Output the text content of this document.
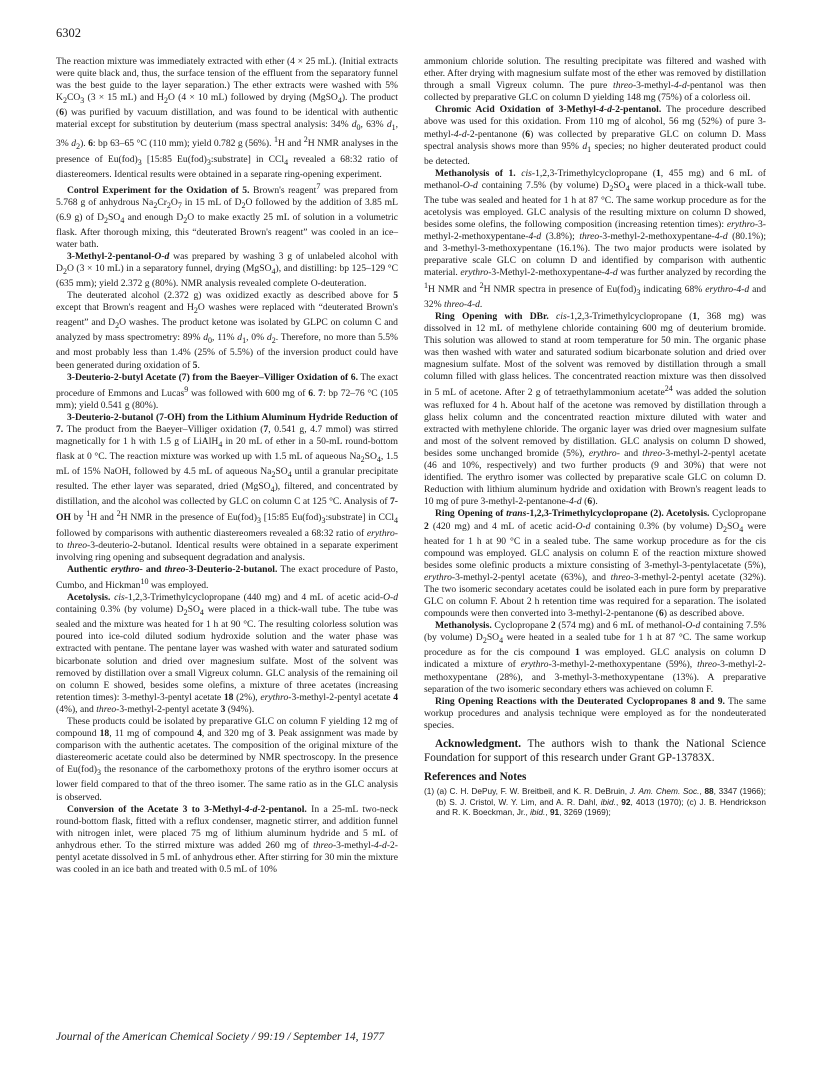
6302

The reaction mixture was immediately extracted with ether (4 × 25 mL). (Initial extracts were quite black and, thus, the surface tension of the effluent from the separatory funnel was the best guide to the layer separation.) The ether extracts were washed with 5% $K_2CO_3$ (3 × 15 mL) and $H_2O$ (4 × 10 mL) followed by drying (MgSO$_4$). The product (6) was purified by vacuum distillation, and was found to be identical with authentic material except for substitution by deuterium (mass spectral analysis: 34% $d_0$, 63% $d_1$, 3% $d_2$). 6: bp 63–65 °C (110 mm); yield 0.782 g (56%). $^1$H and $^2$H NMR analyses in the presence of $Eu(fod)_3$ [15:85 $Eu(fod)_3:substrate$] in CCl$_4$ revealed a 68:32 ratio of diastereomers. Identical results were obtained in a separate ring-opening experiment.

Control Experiment for the Oxidation of 5. Brown's reagent$^7$ was prepared from 5.768 g of anhydrous $Na_2Cr_2O_7$ in 15 mL of $D_2O$ followed by the addition of 3.85 mL (6.9 g) of $D_2SO_4$ and enough $D_2O$ to make exactly 25 mL of solution in a volumetric flask. After thorough mixing, this “deuterated Brown's reagent” was cooled in an ice–water bath.

3-Methyl-2-pentanol-O-d was prepared by washing 3 g of unlabeled alcohol with $D_2O$ (3 × 10 mL) in a separatory funnel, drying (MgSO$_4$), and distilling: bp 125–129 °C (635 mm); yield 2.372 g (80%). NMR analysis revealed complete O-deuteration.

The deuterated alcohol (2.372 g) was oxidized exactly as described above for 5 except that Brown's reagent and $H_2O$ washes were replaced with “deuterated Brown's reagent” and $D_2O$ washes. The product ketone was isolated by GLPC on column C and analyzed by mass spectrometry: 89% $d_0$, 11% $d_1$, 0% $d_2$. Therefore, no more than 5.5% and most probably less than 1.4% (25% of 5.5%) of the inversion product could have been generated during oxidation of 5.

3-Deuterio-2-butyl Acetate (7) from the Baeyer–Villiger Oxidation of 6. The exact procedure of Emmons and Lucas$^9$ was followed with 600 mg of 6. 7: bp 72–76 °C (105 mm); yield 0.541 g (80%).

3-Deuterio-2-butanol (7-OH) from the Lithium Aluminum Hydride Reduction of 7. The product from the Baeyer–Villiger oxidation (7, 0.541 g, 4.7 mmol) was stirred magnetically for 1 h with 1.5 g of LiAlH$_4$ in 20 mL of ether in a 50-mL round-bottom flask at 0 °C. The reaction mixture was worked up with 1.5 mL of aqueous $Na_2SO_4$, 1.5 mL of 15% NaOH, followed by 4.5 mL of aqueous $Na_2SO_4$ until a granular precipitate resulted. The ether layer was separated, dried (MgSO$_4$), filtered, and concentrated by distillation, and the alcohol was collected by GLC on column C at 125 °C. Analysis of 7-OH by $^1$H and $^2$H NMR in the presence of $Eu(fod)_3$ [15:85 $Eu(fod)_3:substrate$] in CCl$_4$ followed by comparisons with authentic diastereomers revealed a 68:32 ratio of erythro- to threo-3-deuterio-2-butanol. Identical results were obtained in a separate experiment involving ring opening and subsequent degradation and analysis.

Authentic erythro- and threo-3-Deuterio-2-butanol. The exact procedure of Pasto, Cumbo, and Hickman$^{10}$ was employed.

Acetolysis. cis-1,2,3-Trimethylcyclopropane (440 mg) and 4 mL of acetic acid-O-d containing 0.3% (by volume) $D_2SO_4$ were placed in a thick-wall tube. The tube was sealed and the mixture was heated for 1 h at 90 °C. The resulting colorless solution was poured into ice-cold diluted sodium hydroxide solution and the water phase was extracted with pentane. The pentane layer was washed with water and saturated sodium bicarbonate solution and dried over magnesium sulfate. Most of the solvent was removed by distillation over a small Vigreux column. GLC analysis of the remaining oil on column E showed, besides some olefins, a mixture of three acetates (increasing retention times): 3-methyl-3-pentyl acetate 18 (2%), erythro-3-methyl-2-pentyl acetate 4 (4%), and threo-3-methyl-2-pentyl acetate 3 (94%).

These products could be isolated by preparative GLC on column F yielding 12 mg of compound 18, 11 mg of compound 4, and 320 mg of 3. Peak assignment was made by comparison with the authentic acetates. The composition of the original mixture of the diastereomeric acetate could also be determined by NMR spectroscopy. In the presence of $Eu(fod)_3$ the resonance of the carbomethoxy protons of the erythro isomer occurs at lower field compared to that of the threo isomer. The same ratio as in the GLC analysis is observed.

Conversion of the Acetate 3 to 3-Methyl-4-d-2-pentanol. In a 25-mL two-neck round-bottom flask, fitted with a reflux condenser, magnetic stirrer, and addition funnel with nitrogen inlet, were placed 75 mg of lithium aluminum hydride and 5 mL of anhydrous ether. To the stirred mixture was added 260 mg of threo-3-methyl-4-d-2-pentyl acetate dissolved in 5 mL of anhydrous ether. After stirring for 30 min the mixture was cooled in an ice bath and treated with 0.5 mL of 10%

ammonium chloride solution. The resulting precipitate was filtered and washed with ether. After drying with magnesium sulfate most of the ether was removed by distillation through a small Vigreux column. The pure threo-3-methyl-4-d-pentanol was then collected by preparative GLC on column D yielding 148 mg (75%) of a colorless oil.

Chromic Acid Oxidation of 3-Methyl-4-d-2-pentanol. The procedure described above was used for this oxidation. From 110 mg of alcohol, 56 mg (52%) of pure 3-methyl-4-d-2-pentanone (6) was collected by preparative GLC on column D. Mass spectral analysis shows more than 95% $d_1$ species; no higher deuterated product could be detected.

Methanolysis of 1. cis-1,2,3-Trimethylcyclopropane (1, 455 mg) and 6 mL of methanol-O-d containing 7.5% (by volume) $D_2SO_4$ were placed in a thick-wall tube. The tube was sealed and heated for 1 h at 87 °C. The same workup procedure as for the acetolysis was employed. GLC analysis of the resulting mixture on column D showed, besides some olefins, the following composition (increasing retention times): erythro-3-methyl-2-methoxypentane-4-d (3.8%); threo-3-methyl-2-methoxypentane-4-d (80.1%); and 3-methyl-3-methoxypentane (16.1%). The two major products were isolated by preparative scale GLC on column D and identified by comparison with authentic material. erythro-3-Methyl-2-methoxypentane-4-d was further analyzed by recording the $^1$H NMR and $^2$H NMR spectra in presence of $Eu(fod)_3$ indicating 68% erythro-4-d and 32% threo-4-d.

Ring Opening with DBr. cis-1,2,3-Trimethylcyclopropane (1, 368 mg) was dissolved in 12 mL of methylene chloride containing 600 mg of deuterium bromide. This solution was allowed to stand at room temperature for 50 min. The organic phase was then washed with water and saturated sodium bicarbonate solution and dried over magnesium sulfate. Most of the solvent was removed by distillation through a small column filled with glass helices. The concentrated reaction mixture was then dissolved in 5 mL of acetone. After 2 g of tetraethylammonium acetate$^{24}$ was added the solution was refluxed for 4 h. About half of the acetone was removed by distillation through a glass helix column and the concentrated reaction mixture diluted with water and extracted with methylene chloride. The organic layer was dried over magnesium sulfate and most of the solvent removed by distillation. GLC analysis on column D showed, besides some unchanged bromide (5%), erythro- and threo-3-methyl-2-pentyl acetate (46 and 10%, respectively) and two further products (9 and 30%) that were not identified. The erythro isomer was collected by preparative scale GLC on column D. Reduction with lithium aluminum hydride and oxidation with Brown's reagent leads to 10 mg of pure 3-methyl-2-pentanone-4-d (6).

Ring Opening of trans-1,2,3-Trimethylcyclopropane (2). Acetolysis. Cyclopropane 2 (420 mg) and 4 mL of acetic acid-O-d containing 0.3% (by volume) $D_2SO_4$ were heated for 1 h at 90 °C in a sealed tube. The same workup procedure as for the cis compound was employed. GLC analysis on column E of the reaction mixture showed besides some olefinic products a mixture consisting of 3-methyl-3-pentylacetate (5%), erythro-3-methyl-2-pentyl acetate (63%), and threo-3-methyl-2-pentyl acetate (32%). The two isomeric secondary acetates could be isolated each in pure form by preparative GLC on column F. About 2 h retention time was required for a separation. The isolated compounds were then converted into 3-methyl-2-pentanone (6) as described above.

Methanolysis. Cyclopropane 2 (574 mg) and 6 mL of methanol-O-d containing 7.5% (by volume) $D_2SO_4$ were heated in a sealed tube for 1 h at 87 °C. The same workup procedure as for the cis compound 1 was employed. GLC analysis on column D indicated a mixture of erythro-3-methyl-2-methoxypentane (59%), threo-3-methyl-2-methoxypentane (28%), and 3-methyl-3-methoxypentane (13%). A preparative separation of the two isomeric secondary ethers was achieved on column F.

Ring Opening Reactions with the Deuterated Cyclopropanes 8 and 9. The same workup procedures and analysis technique were employed as for the nondeuterated species.

Acknowledgment. The authors wish to thank the National Science Foundation for support of this research under Grant GP-13783X.

References and Notes

(1) (a) C. H. DePuy, F. W. Breitbeil, and K. R. DeBruin, J. Am. Chem. Soc., 88, 3347 (1966); (b) S. J. Cristol, W. Y. Lim, and A. R. Dahl, ibid., 92, 4013 (1970); (c) J. B. Hendrickson and R. K. Boeckman, Jr., ibid., 91, 3269 (1969);

Journal of the American Chemical Society / 99:19 / September 14, 1977
